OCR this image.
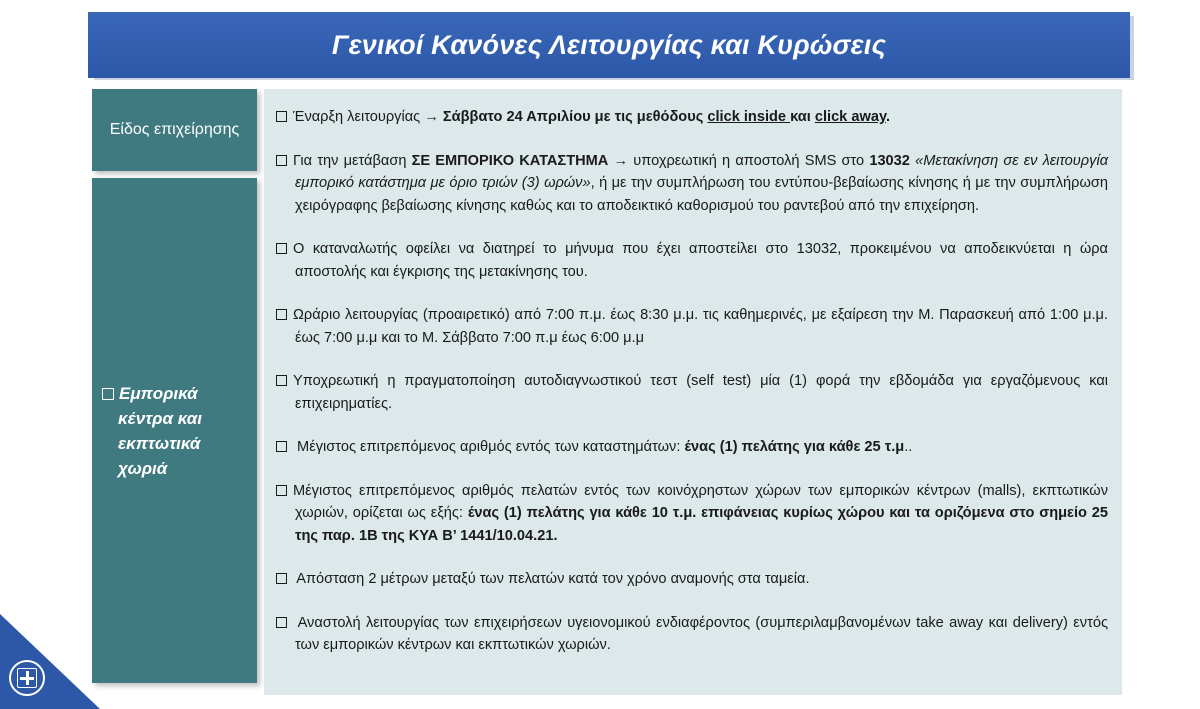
Γενικοί Κανόνες Λειτουργίας και Κυρώσεις
Είδος επιχείρησης
Εμπορικά
κέντρα και
εκπτωτικά
χωριά

Έναρξη λειτουργίας → Σάββατο 24 Απριλίου με τις μεθόδους click inside και click away.

Για την μετάβαση ΣΕ ΕΜΠΟΡΙΚΟ ΚΑΤΑΣΤΗΜΑ → υποχρεωτική η αποστολή SMS στο 13032 «Μετακίνηση σε εν λειτουργία εμπορικό κατάστημα με όριο τριών (3) ωρών», ή με την συμπλήρωση του εντύπου-βεβαίωσης κίνησης ή με την συμπλήρωση χειρόγραφης βεβαίωσης κίνησης καθώς και το αποδεικτικό καθορισμού του ραντεβού από την επιχείρηση.

Ο καταναλωτής οφείλει να διατηρεί το μήνυμα που έχει αποστείλει στο 13032, προκειμένου να αποδεικνύεται η ώρα αποστολής και έγκρισης της μετακίνησης του.

Ωράριο λειτουργίας (προαιρετικό) από 7:00 π.μ. έως 8:30 μ.μ. τις καθημερινές, με εξαίρεση την Μ. Παρασκευή από 1:00 μ.μ. έως 7:00 μ.μ και το Μ. Σάββατο 7:00 π.μ έως 6:00 μ.μ

Υποχρεωτική η πραγματοποίηση αυτοδιαγνωστικού τεστ (self test) μία (1) φορά την εβδομάδα για εργαζόμενους και επιχειρηματίες.

Μέγιστος επιτρεπόμενος αριθμός εντός των καταστημάτων: ένας (1) πελάτης για κάθε 25 τ.μ..

Μέγιστος επιτρεπόμενος αριθμός πελατών εντός των κοινόχρηστων χώρων των εμπορικών κέντρων (malls), εκπτωτικών χωριών, ορίζεται ως εξής: ένας (1) πελάτης για κάθε 10 τ.μ. επιφάνειας κυρίως χώρου και τα οριζόμενα στο σημείο 25 της παρ. 1Β της ΚΥΑ Β’ 1441/10.04.21.

Απόσταση 2 μέτρων μεταξύ των πελατών κατά τον χρόνο αναμονής στα ταμεία.

Αναστολή λειτουργίας των επιχειρήσεων υγειονομικού ενδιαφέροντος (συμπεριλαμβανομένων take away και delivery) εντός των εμπορικών κέντρων και εκπτωτικών χωριών.
